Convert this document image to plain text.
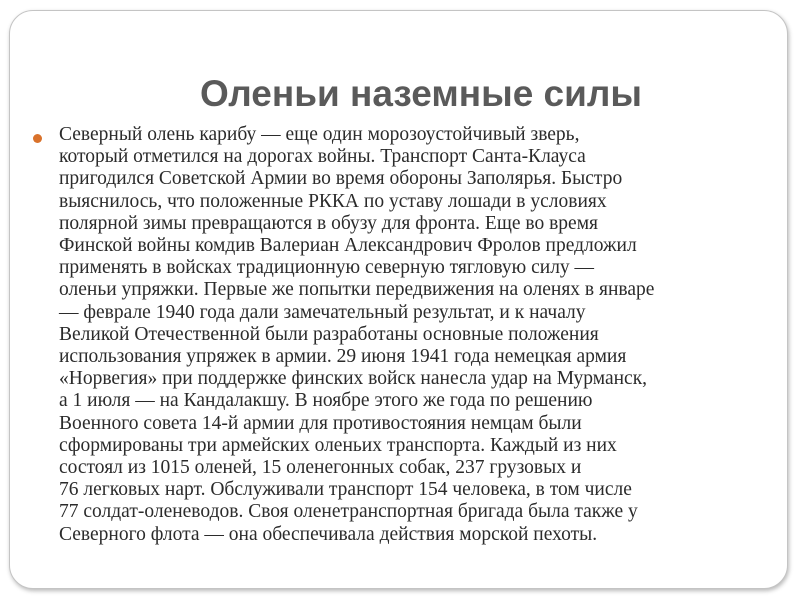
Оленьи наземные силы

Северный олень карибу — еще один морозоустойчивый зверь,
который отметился на дорогах войны. Транспорт Санта-Клауса
пригодился Советской Армии во время обороны Заполярья. Быстро
выяснилось, что положенные РККА по уставу лошади в условиях
полярной зимы превращаются в обузу для фронта. Еще во время
Финской войны комдив Валериан Александрович Фролов предложил
применять в войсках традиционную северную тягловую силу —
оленьи упряжки. Первые же попытки передвижения на оленях в январе
— феврале 1940 года дали замечательный результат, и к началу
Великой Отечественной были разработаны основные положения
использования упряжек в армии. 29 июня 1941 года немецкая армия
«Норвегия» при поддержке финских войск нанесла удар на Мурманск,
а 1 июля — на Кандалакшу. В ноябре этого же года по решению
Военного совета 14-й армии для противостояния немцам были
сформированы три армейских оленьих транспорта. Каждый из них
состоял из 1015 оленей, 15 оленегонных собак, 237 грузовых и
76 легковых нарт. Обслуживали транспорт 154 человека, в том числе
77 солдат-оленеводов. Своя оленетранспортная бригада была также у
Северного флота — она обеспечивала действия морской пехоты.
